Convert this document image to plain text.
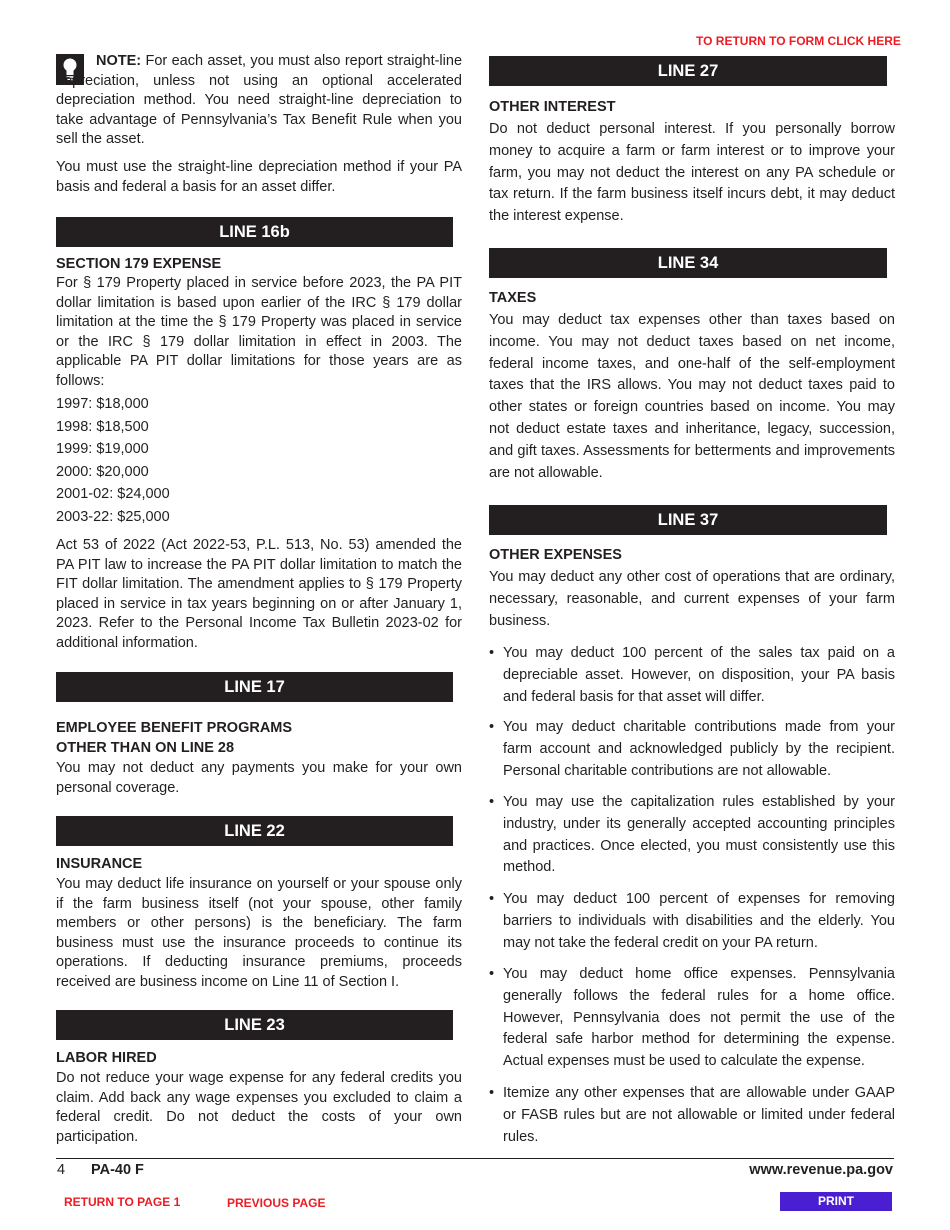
TO RETURN TO FORM CLICK HERE

NOTE: For each asset, you must also report straight-line depreciation, unless not using an optional accelerated depreciation method. You need straight-line depreciation to take advantage of Pennsylvania’s Tax Benefit Rule when you sell the asset.

You must use the straight-line depreciation method if your PA basis and federal a basis for an asset differ.

LINE 16b
SECTION 179 EXPENSE

For § 179 Property placed in service before 2023, the PA PIT dollar limitation is based upon earlier of the IRC § 179 dollar limitation at the time the § 179 Property was placed in service or the IRC § 179 dollar limitation in effect in 2003. The applicable PA PIT dollar limitations for those years are as follows:

1997: $18,000

1998: $18,500

1999: $19,000

2000: $20,000

2001-02: $24,000

2003-22: $25,000

Act 53 of 2022 (Act 2022-53, P.L. 513, No. 53) amended the PA PIT law to increase the PA PIT dollar limitation to match the FIT dollar limitation. The amendment applies to § 179 Property placed in service in tax years beginning on or after January 1, 2023. Refer to the Personal Income Tax Bulletin 2023-02 for additional information.

LINE 17
EMPLOYEE BENEFIT PROGRAMS
OTHER THAN ON LINE 28

You may not deduct any payments you make for your own personal coverage.

LINE 22
INSURANCE

You may deduct life insurance on yourself or your spouse only if the farm business itself (not your spouse, other family members or other persons) is the beneficiary. The farm business must use the insurance proceeds to continue its operations. If deducting insurance premiums, proceeds received are business income on Line 11 of Section I.

LINE 23
LABOR HIRED

Do not reduce your wage expense for any federal credits you claim. Add back any wage expenses you excluded to claim a federal credit. Do not deduct the costs of your own participation.

LINE 27
OTHER INTEREST

Do not deduct personal interest. If you personally borrow money to acquire a farm or farm interest or to improve your farm, you may not deduct the interest on any PA schedule or tax return. If the farm business itself incurs debt, it may deduct the interest expense.

LINE 34
TAXES

You may deduct tax expenses other than taxes based on income. You may not deduct taxes based on net income, federal income taxes, and one-half of the self-employment taxes that the IRS allows. You may not deduct taxes paid to other states or foreign countries based on income. You may not deduct estate taxes and inheritance, legacy, succession, and gift taxes. Assessments for betterments and improvements are not allowable.

LINE 37
OTHER EXPENSES

You may deduct any other cost of operations that are ordinary, necessary, reasonable, and current expenses of your farm business.

• You may deduct 100 percent of the sales tax paid on a depreciable asset. However, on disposition, your PA basis and federal basis for that asset will differ.
• You may deduct charitable contributions made from your farm account and acknowledged publicly by the recipient. Personal charitable contributions are not allowable.
• You may use the capitalization rules established by your industry, under its generally accepted accounting principles and practices. Once elected, you must consistently use this method.
• You may deduct 100 percent of expenses for removing barriers to individuals with disabilities and the elderly. You may not take the federal credit on your PA return.
• You may deduct home office expenses. Pennsylvania generally follows the federal rules for a home office. However, Pennsylvania does not permit the use of the federal safe harbor method for determining the expense. Actual expenses must be used to calculate the expense.
• Itemize any other expenses that are allowable under GAAP or FASB rules but are not allowable or limited under federal rules.
4 PA-40 F	www.revenue.pa.gov
RETURN TO PAGE 1	PREVIOUS PAGE	PRINT
